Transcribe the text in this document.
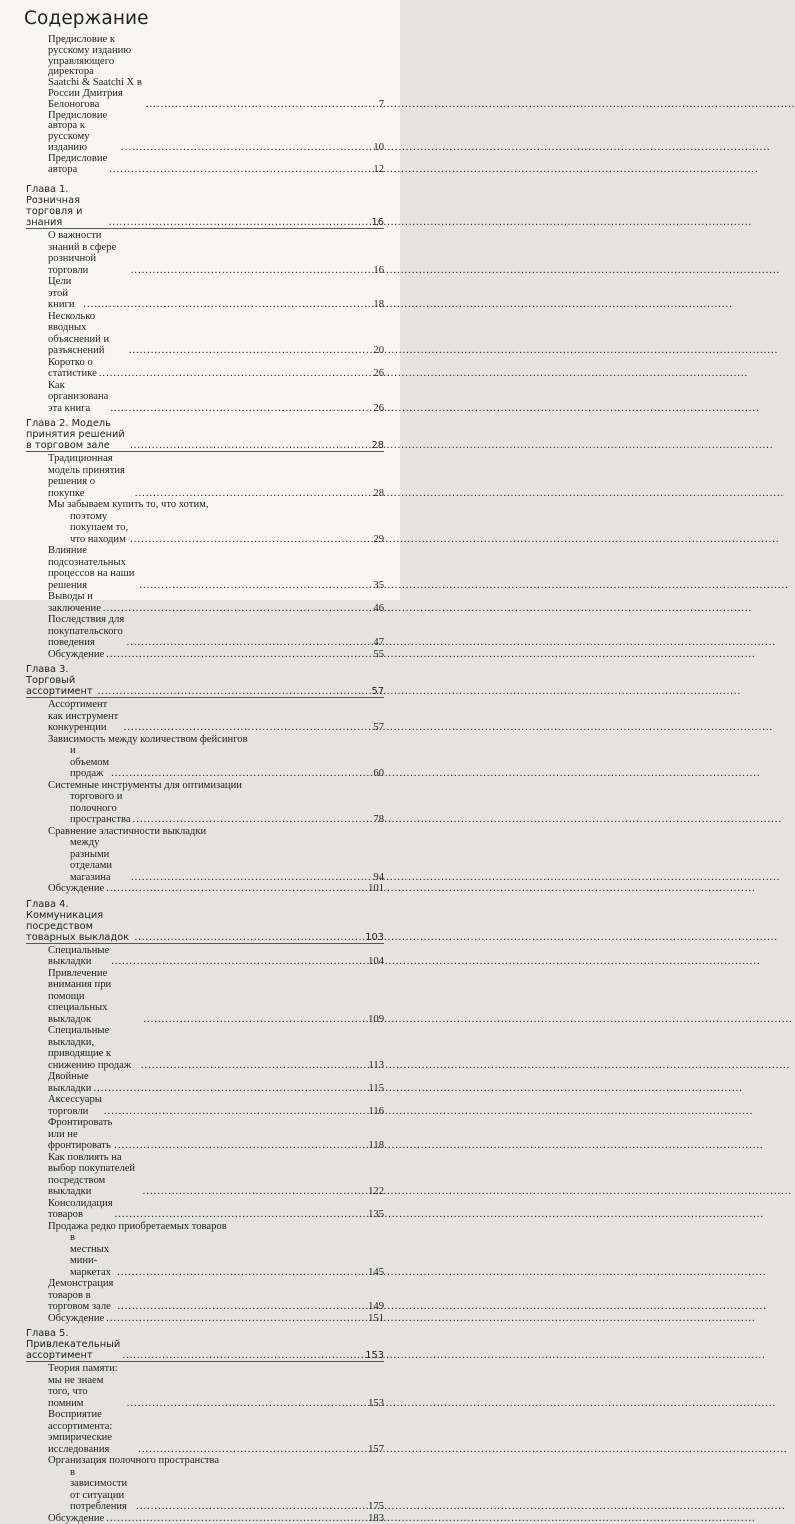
Содержание
Предисловие к русскому изданию управляющего директора
Saatchi & Saatchi X в России Дмитрия Белоногова .....	7
Предисловие автора к русскому изданию .....	10
Предисловие автора .....	12
Глава 1. Розничная торговля и знания .....	16
О важности знаний в сфере розничной торговли .....	16
Цели этой книги .....	18
Несколько вводных объяснений и разъяснений .....	20
Коротко о статистике .....	26
Как организована эта книга .....	26
Глава 2. Модель принятия решений в торговом зале .....	28
Традиционная модель принятия решения о покупке .....	28
Мы забываем купить то, что хотим,
поэтому покупаем то, что находим .....	29
Влияние подсознательных процессов на наши решения .....	35
Выводы и заключение .....	46
Последствия для покупательского поведения .....	47
Обсуждение .....	55
Глава 3. Торговый ассортимент .....	57
Ассортимент как инструмент конкуренции .....	57
Зависимость между количеством фейсингов
и объемом продаж .....	60
Системные инструменты для оптимизации
торгового и полочного пространства .....	78
Сравнение эластичности выкладки
между разными отделами магазина .....	94
Обсуждение .....	101
Глава 4. Коммуникация посредством товарных выкладок .....	103
Специальные выкладки .....	104
Привлечение внимания при помощи специальных выкладок .....	109
Специальные выкладки, приводящие к снижению продаж .....	113
Двойные выкладки .....	115
Аксессуары торговли .....	116
Фронтировать или не фронтировать .....	118
Как повлиять на выбор покупателей посредством выкладки .....	122
Консолидация товаров .....	135
Продажа редко приобретаемых товаров
в местных мини-маркетах .....	145
Демонстрация товаров в торговом зале .....	149
Обсуждение .....	151
Глава 5. Привлекательный ассортимент .....	153
Теория памяти: мы не знаем того, что помним .....	153
Восприятие ассортимента: эмпирические исследования .....	157
Организация полочного пространства
в зависимости от ситуации потребления .....	175
Обсуждение .....	183
